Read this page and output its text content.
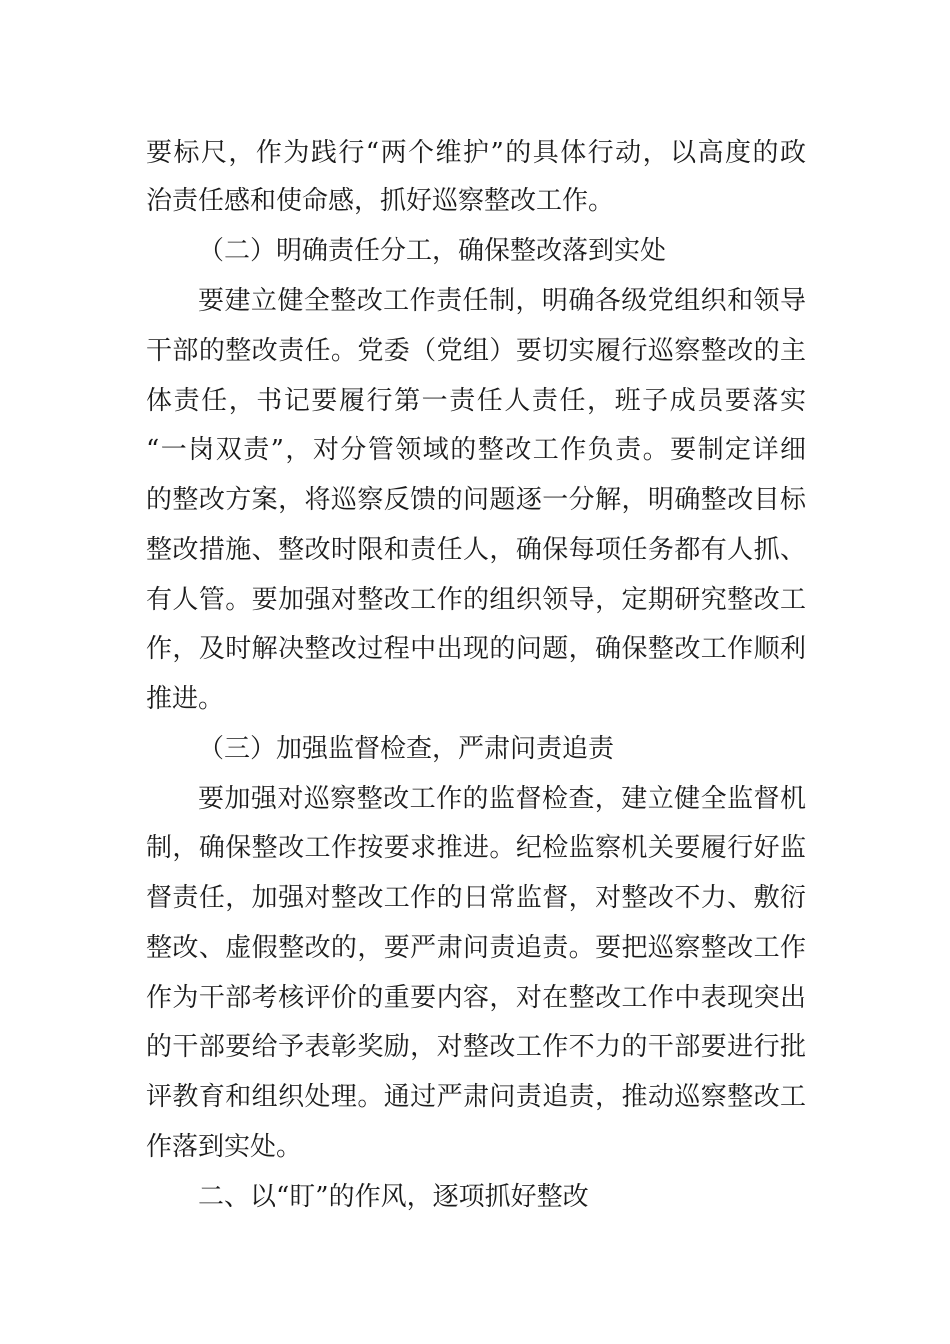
要标尺，作为践行“两个维护”的具体行动，以高度的政
治责任感和使命感，抓好巡察整改工作。
（二）明确责任分工，确保整改落到实处
要建立健全整改工作责任制，明确各级党组织和领导
干部的整改责任。党委（党组）要切实履行巡察整改的主
体责任，书记要履行第一责任人责任，班子成员要落实
“一岗双责”，对分管领域的整改工作负责。要制定详细
的整改方案，将巡察反馈的问题逐一分解，明确整改目标
整改措施、整改时限和责任人，确保每项任务都有人抓、
有人管。要加强对整改工作的组织领导，定期研究整改工
作，及时解决整改过程中出现的问题，确保整改工作顺利
推进。
（三）加强监督检查，严肃问责追责
要加强对巡察整改工作的监督检查，建立健全监督机
制，确保整改工作按要求推进。纪检监察机关要履行好监
督责任，加强对整改工作的日常监督，对整改不力、敷衍
整改、虚假整改的，要严肃问责追责。要把巡察整改工作
作为干部考核评价的重要内容，对在整改工作中表现突出
的干部要给予表彰奖励，对整改工作不力的干部要进行批
评教育和组织处理。通过严肃问责追责，推动巡察整改工
作落到实处。
二、以“盯”的作风，逐项抓好整改
